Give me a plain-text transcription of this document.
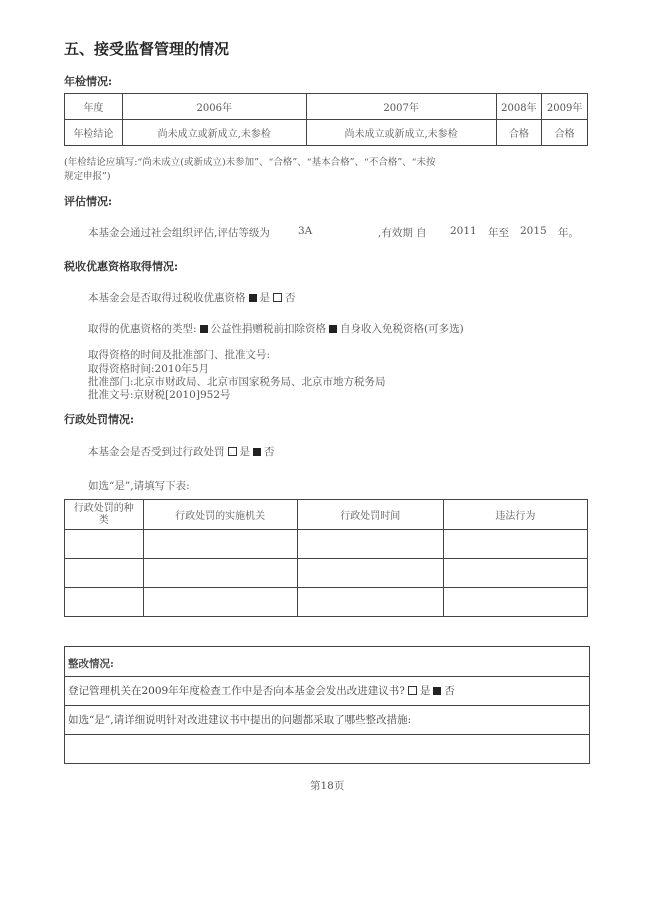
五、接受监督管理的情况
年检情况:
年度	2006年	2007年	2008年	2009年
年检结论	尚未成立或新成立,未参检	尚未成立或新成立,未参检	合格	合格
(年检结论应填写:“尚未成立(或新成立)未参加”、“合格”、“基本合格”、“不合格”、“未按
规定申报”)
评估情况:
本基金会通过社会组织评估,评估等级为	3A	,有效期 自 2011 年至 2015 年。
税收优惠资格取得情况:
本基金会是否取得过税收优惠资格 是 否
取得的优惠资格的类型: 公益性捐赠税前扣除资格 自身收入免税资格(可多选)
取得资格的时间及批准部门、批准文号:
取得资格时间:2010年5月
批准部门:北京市财政局、北京市国家税务局、北京市地方税务局
批准文号:京财税[2010]952号
行政处罚情况:
本基金会是否受到过行政处罚 是 否
如选“是”,请填写下表:
行政处罚的种
类	行政处罚的实施机关	行政处罚时间	违法行为

整改情况:
登记管理机关在2009年年度检查工作中是否向本基金会发出改进建议书? 是 否
如选“是”,请详细说明针对改进建议书中提出的问题都采取了哪些整改措施:
第18页
